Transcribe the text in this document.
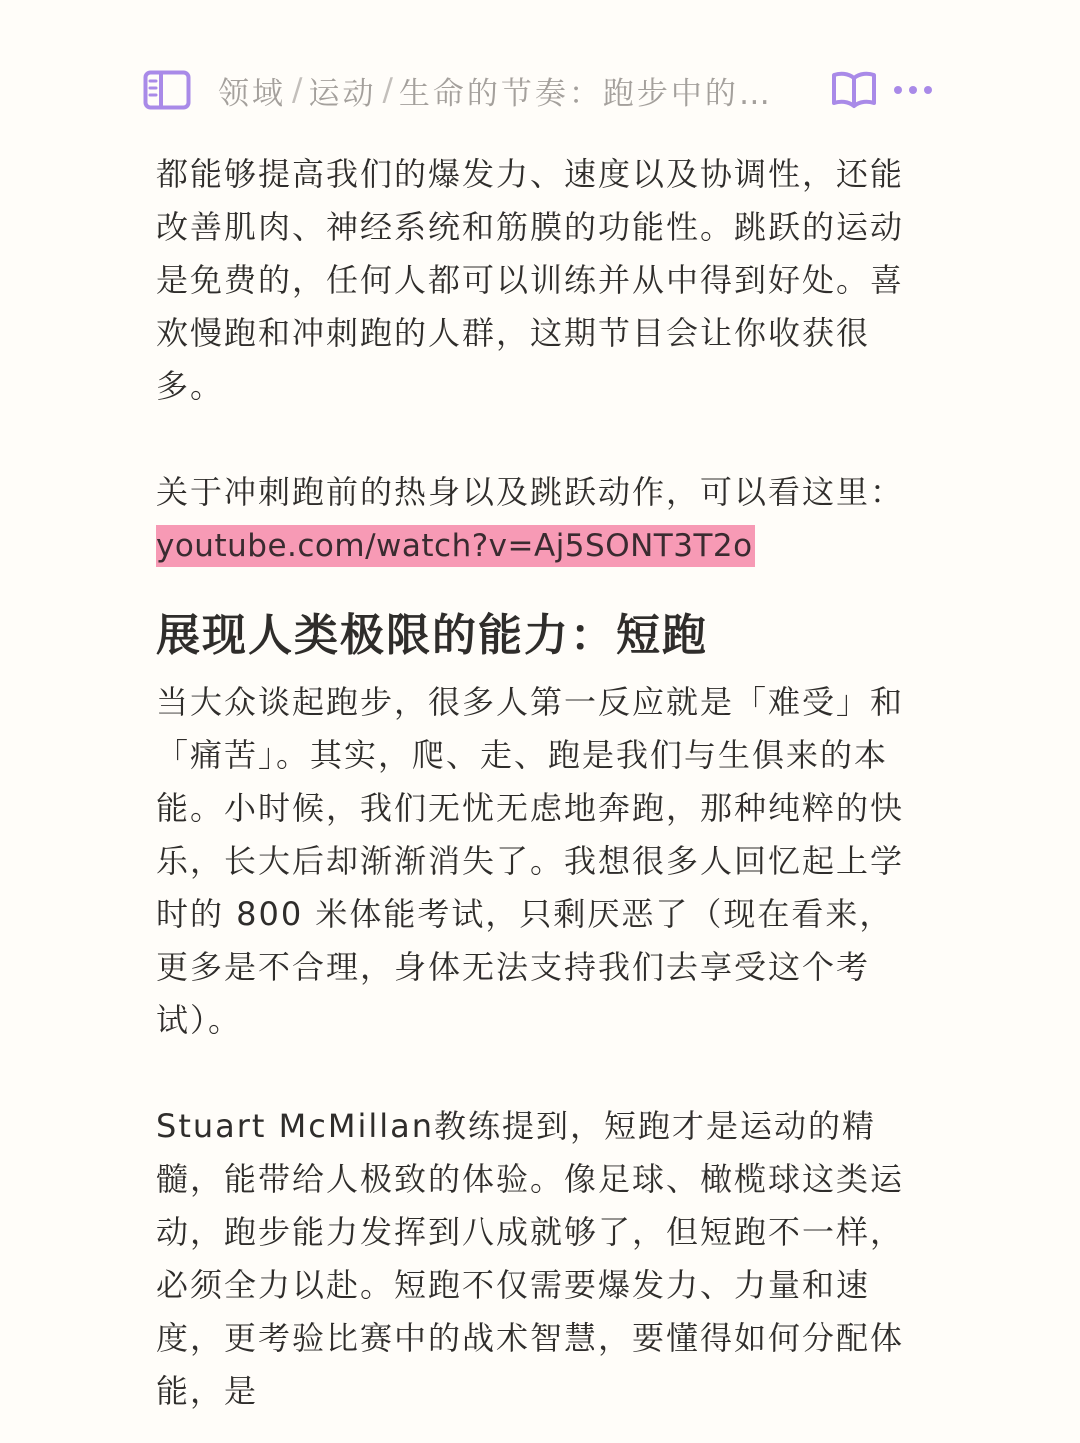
领域 / 运动 / 生命的节奏：跑步中的…

都能够提高我们的爆发力、速度以及协调性，还能改善肌肉、神经系统和筋膜的功能性。跳跃的运动是免费的，任何人都可以训练并从中得到好处。喜欢慢跑和冲刺跑的人群，这期节目会让你收获很多。

关于冲刺跑前的热身以及跳跃动作，可以看这里：

youtube.com/watch?v=Aj5SONT3T2o
展现人类极限的能力：短跑

当大众谈起跑步，很多人第一反应就是「难受」和「痛苦」。其实，爬、走、跑是我们与生俱来的本能。小时候，我们无忧无虑地奔跑，那种纯粹的快乐，长大后却渐渐消失了。我想很多人回忆起上学时的 800 米体能考试，只剩厌恶了（现在看来，更多是不合理，身体无法支持我们去享受这个考试）。

Stuart McMillan教练提到，短跑才是运动的精髓，能带给人极致的体验。像足球、橄榄球这类运动，跑步能力发挥到八成就够了，但短跑不一样，必须全力以赴。短跑不仅需要爆发力、力量和速度，更考验比赛中的战术智慧，要懂得如何分配体能，是
